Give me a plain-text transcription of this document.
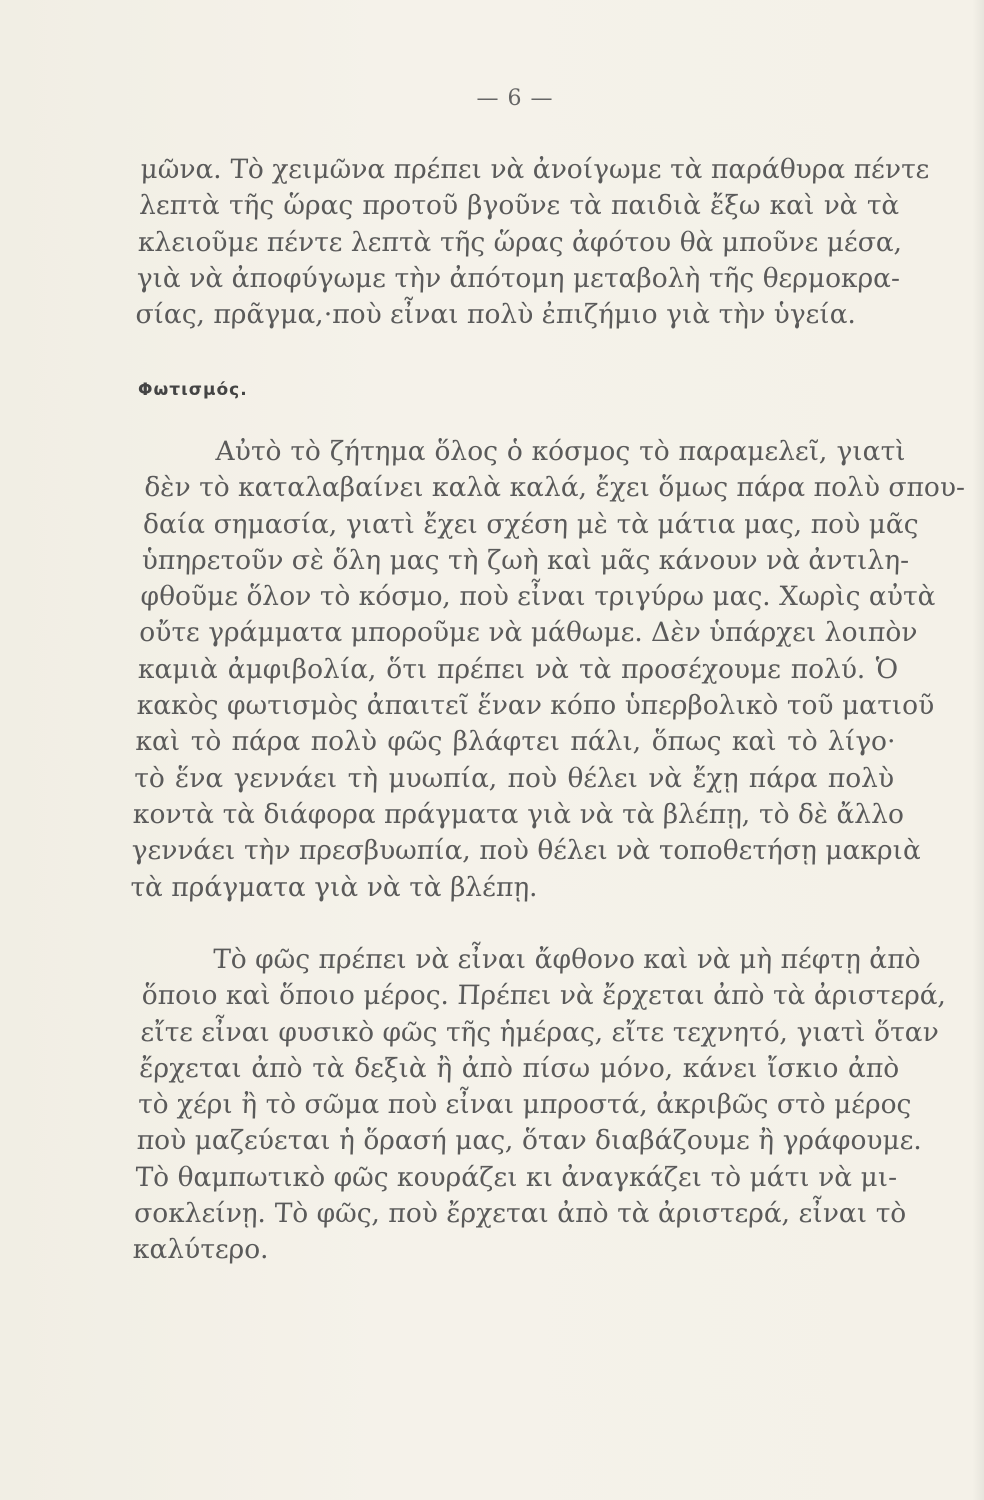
— 6 —
μῶνα. Τὸ χειμῶνα πρέπει νὰ ἀνοίγωμε τὰ παράθυρα πέντε
λεπτὰ τῆς ὥρας προτοῦ βγοῦνε τὰ παιδιὰ ἔξω καὶ νὰ τὰ
κλειοῦμε πέντε λεπτὰ τῆς ὥρας ἀφότου θὰ μποῦνε μέσα,
γιὰ νὰ ἀποφύγωμε τὴν ἀπότομη μεταβολὴ τῆς θερμοκρα-
σίας, πρᾶγμα,·ποὺ εἶναι πολὺ ἐπιζήμιο γιὰ τὴν ὑγεία.
Φωτισμός.
Αὐτὸ τὸ ζήτημα ὅλος ὁ κόσμος τὸ παραμελεῖ, γιατὶ
δὲν τὸ καταλαβαίνει καλὰ καλά, ἔχει ὅμως πάρα πολὺ σπου-
δαία σημασία, γιατὶ ἔχει σχέση μὲ τὰ μάτια μας, ποὺ μᾶς
ὑπηρετοῦν σὲ ὅλη μας τὴ ζωὴ καὶ μᾶς κάνουν νὰ ἀντιλη-
φθοῦμε ὅλον τὸ κόσμο, ποὺ εἶναι τριγύρω μας. Χωρὶς αὐτὰ
οὔτε γράμματα μποροῦμε νὰ μάθωμε. Δὲν ὑπάρχει λοιπὸν
καμιὰ ἀμφιβολία, ὅτι πρέπει νὰ τὰ προσέχουμε πολύ. Ὁ
κακὸς φωτισμὸς ἀπαιτεῖ ἕναν κόπο ὑπερβολικὸ τοῦ ματιοῦ
καὶ τὸ πάρα πολὺ φῶς βλάφτει πάλι, ὅπως καὶ τὸ λίγο·
τὸ ἕνα γεννάει τὴ μυωπία, ποὺ θέλει νὰ ἔχῃ πάρα πολὺ
κοντὰ τὰ διάφορα πράγματα γιὰ νὰ τὰ βλέπῃ, τὸ δὲ ἄλλο
γεννάει τὴν πρεσβυωπία, ποὺ θέλει νὰ τοποθετήσῃ μακριὰ
τὰ πράγματα γιὰ νὰ τὰ βλέπῃ.
Τὸ φῶς πρέπει νὰ εἶναι ἄφθονο καὶ νὰ μὴ πέφτῃ ἀπὸ
ὅποιο καὶ ὅποιο μέρος. Πρέπει νὰ ἔρχεται ἀπὸ τὰ ἀριστερά,
εἴτε εἶναι φυσικὸ φῶς τῆς ἡμέρας, εἴτε τεχνητό, γιατὶ ὅταν
ἔρχεται ἀπὸ τὰ δεξιὰ ἢ ἀπὸ πίσω μόνο, κάνει ἴσκιο ἀπὸ
τὸ χέρι ἢ τὸ σῶμα ποὺ εἶναι μπροστά, ἀκριβῶς στὸ μέρος
ποὺ μαζεύεται ἡ ὅρασή μας, ὅταν διαβάζουμε ἢ γράφουμε.
Τὸ θαμπωτικὸ φῶς κουράζει κι ἀναγκάζει τὸ μάτι νὰ μι-
σοκλείνῃ. Τὸ φῶς, ποὺ ἔρχεται ἀπὸ τὰ ἀριστερά, εἶναι τὸ
καλύτερο.
